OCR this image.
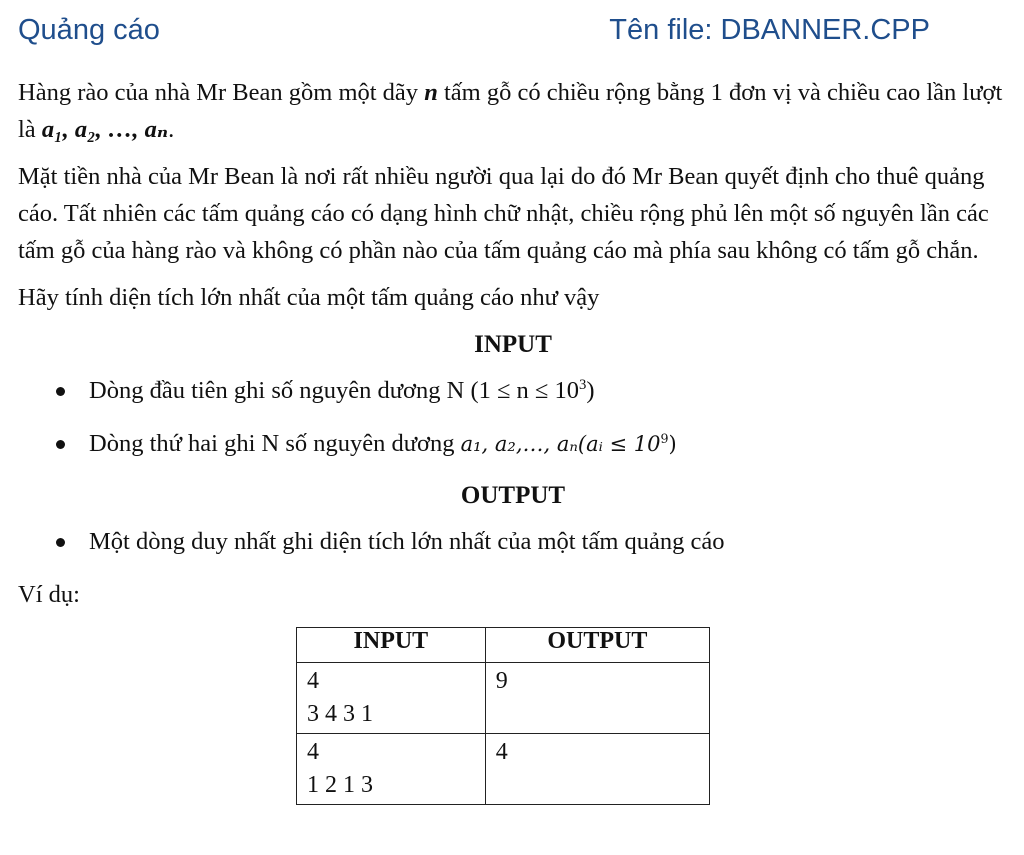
Quảng cáo	Tên file: DBANNER.CPP

Hàng rào của nhà Mr Bean gồm một dãy n tấm gỗ có chiều rộng bằng 1 đơn vị và chiều cao lần lượt là a₁, a₂, …, aₙ.

Mặt tiền nhà của Mr Bean là nơi rất nhiều người qua lại do đó Mr Bean quyết định cho thuê quảng cáo. Tất nhiên các tấm quảng cáo có dạng hình chữ nhật, chiều rộng phủ lên một số nguyên lần các tấm gỗ của hàng rào và không có phần nào của tấm quảng cáo mà phía sau không có tấm gỗ chắn.

Hãy tính diện tích lớn nhất của một tấm quảng cáo như vậy

INPUT
Dòng đầu tiên ghi số nguyên dương N $(1 \le n \le 10^3)$
Dòng thứ hai ghi N số nguyên dương a₁, a₂,…, aₙ(aᵢ ≤ $10^9$)
OUTPUT
Một dòng duy nhất ghi diện tích lớn nhất của một tấm quảng cáo
Ví dụ:
INPUT	OUTPUT

4
3 4 3 1	9

4
1 2 1 3	4
